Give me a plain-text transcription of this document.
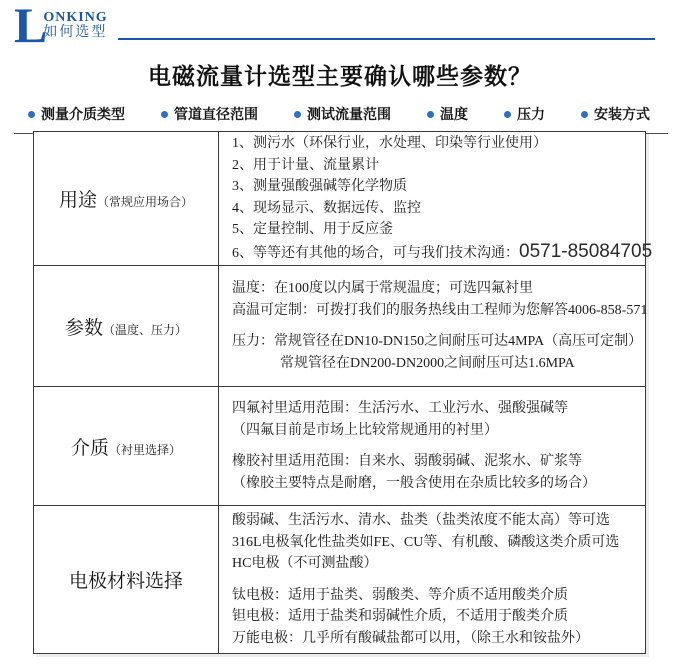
L
ONKING
如何选型
电磁流量计选型主要确认哪些参数？
测量介质类型	管道直径范围	测试流量范围	温度	压力	安装方式
用途（常规应用场合）
1、测污水（环保行业，水处理、印染等行业使用）
2、用于计量、流量累计
3、测量强酸强碱等化学物质
4、现场显示、数据远传、监控
5、定量控制、用于反应釜
6、等等还有其他的场合，可与我们技术沟通：0571-85084705
参数（温度、压力）
温度：在100度以内属于常规温度；可选四氟衬里
高温可定制：可拨打我们的服务热线由工程师为您解答4006-858-571
压力：常规管径在DN10-DN150之间耐压可达4MPA（高压可定制）
常规管径在DN200-DN2000之间耐压可达1.6MPA
介质（衬里选择）
四氟衬里适用范围：生活污水、工业污水、强酸强碱等
（四氟目前是市场上比较常规通用的衬里）
橡胶衬里适用范围：自来水、弱酸弱碱、泥浆水、矿浆等
（橡胶主要特点是耐磨，一般含使用在杂质比较多的场合）
电极材料选择
酸弱碱、生活污水、清水、盐类（盐类浓度不能太高）等可选
316L电极氧化性盐类如FE、CU等、有机酸、磷酸这类介质可选
HC电极（不可测盐酸）
钛电极：适用于盐类、弱酸类、等介质不适用酸类介质
钽电极：适用于盐类和弱碱性介质，不适用于酸类介质
万能电极：几乎所有酸碱盐都可以用，（除王水和铵盐外）
